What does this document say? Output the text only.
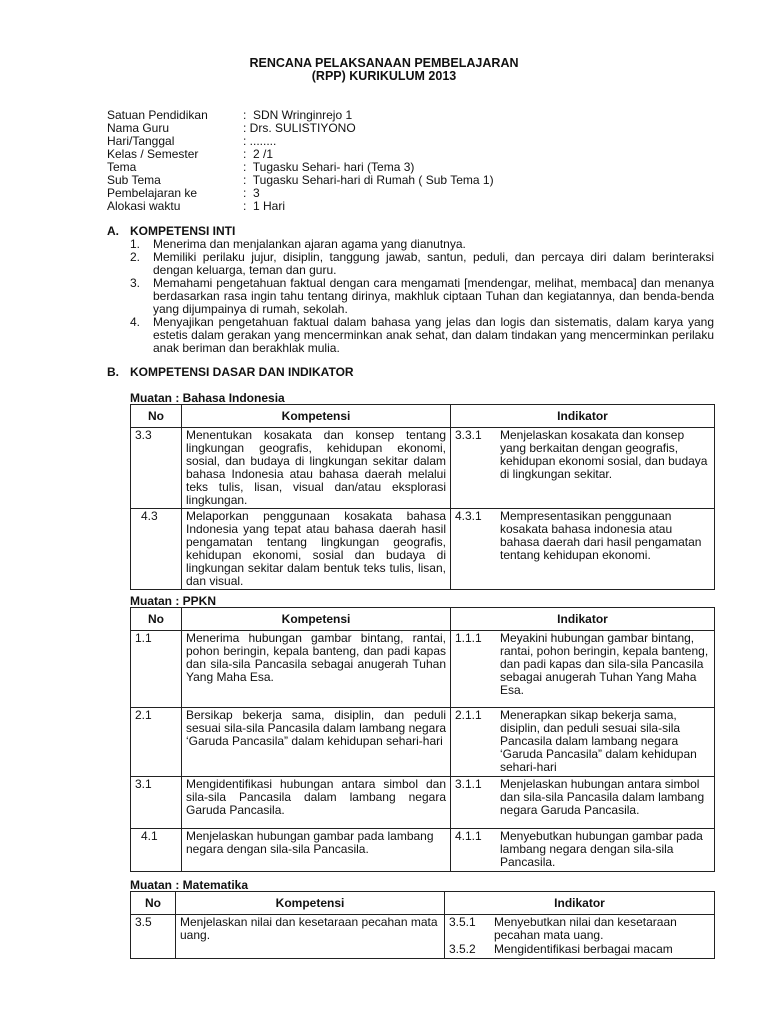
RENCANA PELAKSANAAN PEMBELAJARAN
(RPP) KURIKULUM 2013
Satuan Pendidikan	:  SDN Wringinrejo 1
Nama Guru	: Drs. SULISTIYONO
Hari/Tanggal	: ........
Kelas / Semester	:  2 /1
Tema	:  Tugasku Sehari- hari (Tema 3)
Sub Tema	:  Tugasku Sehari-hari di Rumah ( Sub Tema 1)
Pembelajaran ke	:  3
Alokasi waktu	:  1 Hari
A. KOMPETENSI INTI
1. Menerima dan menjalankan ajaran agama yang dianutnya.
2. Memiliki perilaku jujur, disiplin, tanggung jawab, santun, peduli, dan percaya diri dalam berinteraksi dengan keluarga, teman dan guru.
3. Memahami pengetahuan faktual dengan cara mengamati [mendengar, melihat, membaca] dan menanya berdasarkan rasa ingin tahu tentang dirinya, makhluk ciptaan Tuhan dan kegiatannya, dan benda-benda yang dijumpainya di rumah, sekolah.
4. Menyajikan pengetahuan faktual dalam bahasa yang jelas dan logis dan sistematis, dalam karya yang estetis dalam gerakan yang mencerminkan anak sehat, dan dalam tindakan yang mencerminkan perilaku anak beriman dan berakhlak mulia.
B. KOMPETENSI DASAR DAN INDIKATOR
Muatan : Bahasa Indonesia
No	Kompetensi	Indikator

3.3	Menentukan kosakata dan konsep tentang lingkungan geografis, kehidupan ekonomi, sosial, dan budaya di lingkungan sekitar dalam bahasa Indonesia atau bahasa daerah melalui teks tulis, lisan, visual dan/atau eksplorasi lingkungan.	3.3.1 Menjelaskan kosakata dan konsep yang berkaitan dengan geografis, kehidupan ekonomi sosial, dan budaya di lingkungan sekitar.

4.3	Melaporkan penggunaan kosakata bahasa Indonesia yang tepat atau bahasa daerah hasil pengamatan tentang lingkungan geografis, kehidupan ekonomi, sosial dan budaya di lingkungan sekitar dalam bentuk teks tulis, lisan, dan visual.	4.3.1 Mempresentasikan penggunaan kosakata bahasa indonesia atau bahasa daerah dari hasil pengamatan tentang kehidupan ekonomi.
Muatan : PPKN
No	Kompetensi	Indikator

1.1	Menerima hubungan gambar bintang, rantai, pohon beringin, kepala banteng, dan padi kapas dan sila-sila Pancasila sebagai anugerah Tuhan Yang Maha Esa.	1.1.1 Meyakini hubungan gambar bintang, rantai, pohon beringin, kepala banteng, dan padi kapas dan sila-sila Pancasila sebagai anugerah Tuhan Yang Maha Esa.

2.1	Bersikap bekerja sama, disiplin, dan peduli sesuai sila-sila Pancasila dalam lambang negara ‘Garuda Pancasila” dalam kehidupan sehari-hari	2.1.1 Menerapkan sikap bekerja sama, disiplin, dan peduli sesuai sila-sila Pancasila dalam lambang negara ‘Garuda Pancasila” dalam kehidupan sehari-hari

3.1	Mengidentifikasi hubungan antara simbol dan sila-sila Pancasila dalam lambang negara Garuda Pancasila.	3.1.1 Menjelaskan hubungan antara simbol dan sila-sila Pancasila dalam lambang negara Garuda Pancasila.

4.1	Menjelaskan hubungan gambar pada lambang negara dengan sila-sila Pancasila.	4.1.1 Menyebutkan hubungan gambar pada lambang negara dengan sila-sila Pancasila.
Muatan : Matematika
No	Kompetensi	Indikator

3.5	Menjelaskan nilai dan kesetaraan pecahan mata uang.	3.5.1 Menyebutkan nilai dan kesetaraan pecahan mata uang.
3.5.2 Mengidentifikasi berbagai macam
